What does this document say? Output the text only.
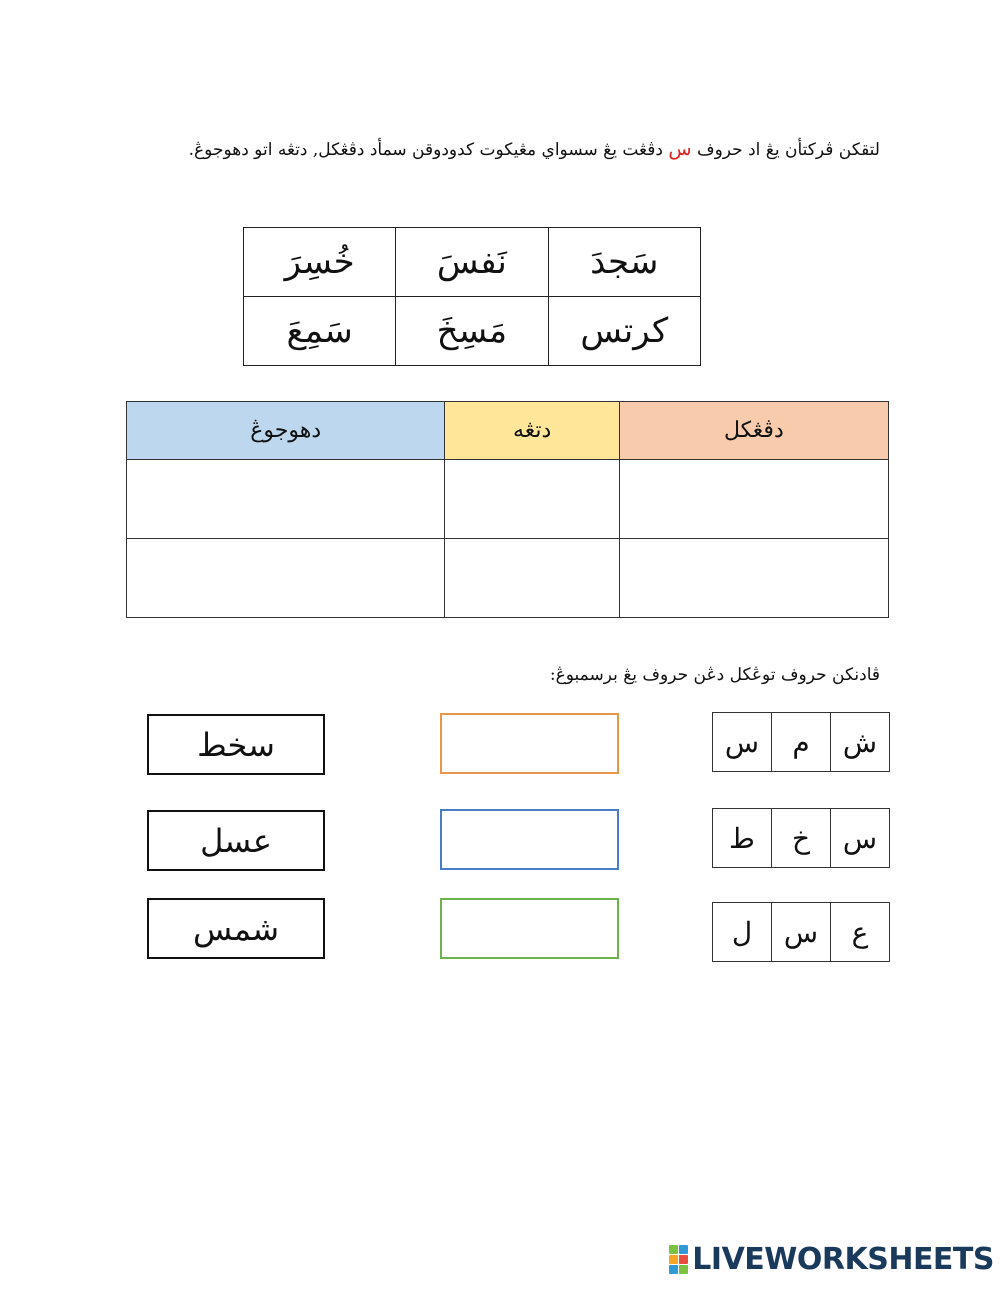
لتقكن ڤركتأن يڠ اد حروف س دڤڠت يڠ سسواي مڠيكوت كدودوقن سمأد دڤڠكل, دتڠه اتو دهوجوڠ.
خُسِرَ	نَفسَ	سَجدَ
سَمِعَ	مَسِخَ	كرتس
دهوجوڠ	دتڠه	دڤڠكل

ڤادنكن حروف توڠكل دڠن حروف يڠ برسمبوڠ:
س	م	ش
ط	خ	س
ل	س	ع
سخط
عسل
شمس
LIVEWORKSHEETS
